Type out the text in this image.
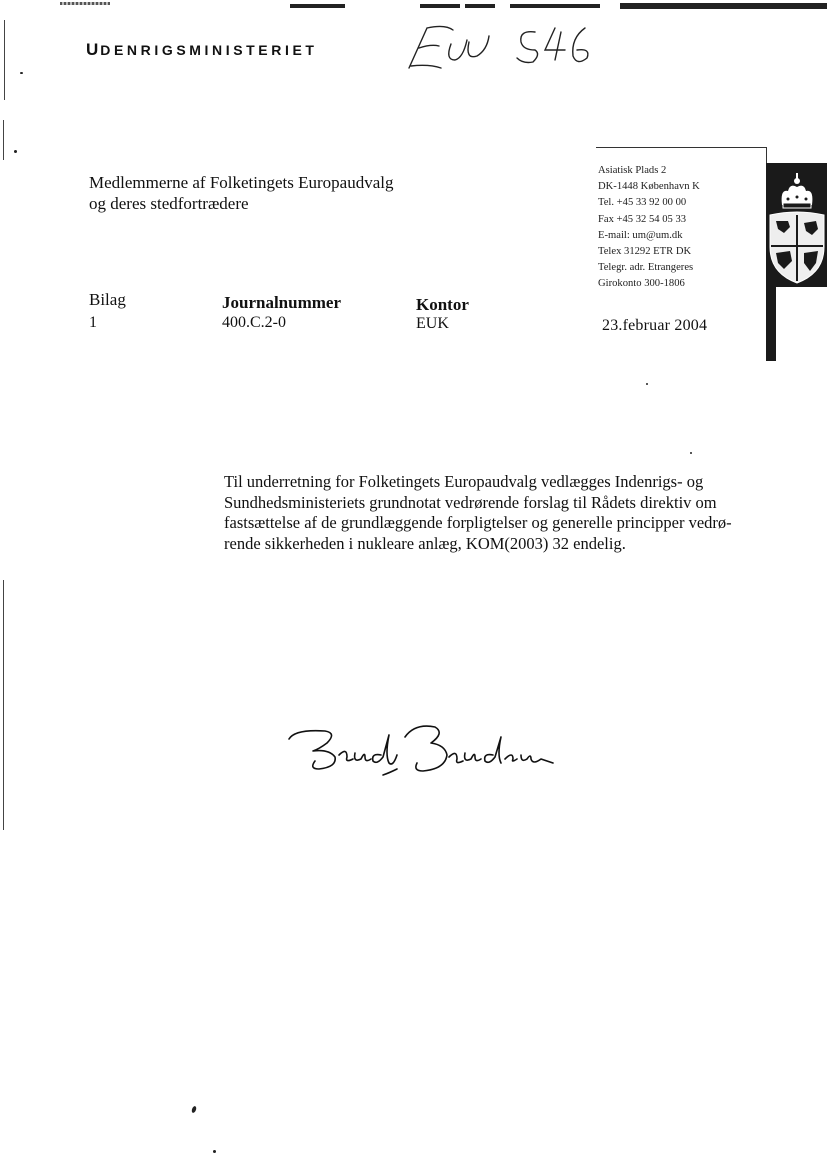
UDENRIGSMINISTERIET
Medlemmerne af Folketingets Europaudvalg
og deres stedfortrædere
Asiatisk Plads 2
DK-1448 København K
Tel. +45 33 92 00 00
Fax +45 32 54 05 33
E-mail: um@um.dk
Telex 31292 ETR DK
Telegr. adr. Etrangeres
Girokonto 300-1806
Bilag
1
Journalnummer
400.C.2-0
Kontor
EUK	23.februar 2004
Til underretning for Folketingets Europaudvalg vedlægges Indenrigs- og
Sundhedsministeriets grundnotat vedrørende forslag til Rådets direktiv om
fastsættelse af de grundlæggende forpligtelser og generelle principper vedrø-
rende sikkerheden i nukleare anlæg, KOM(2003) 32 endelig.
